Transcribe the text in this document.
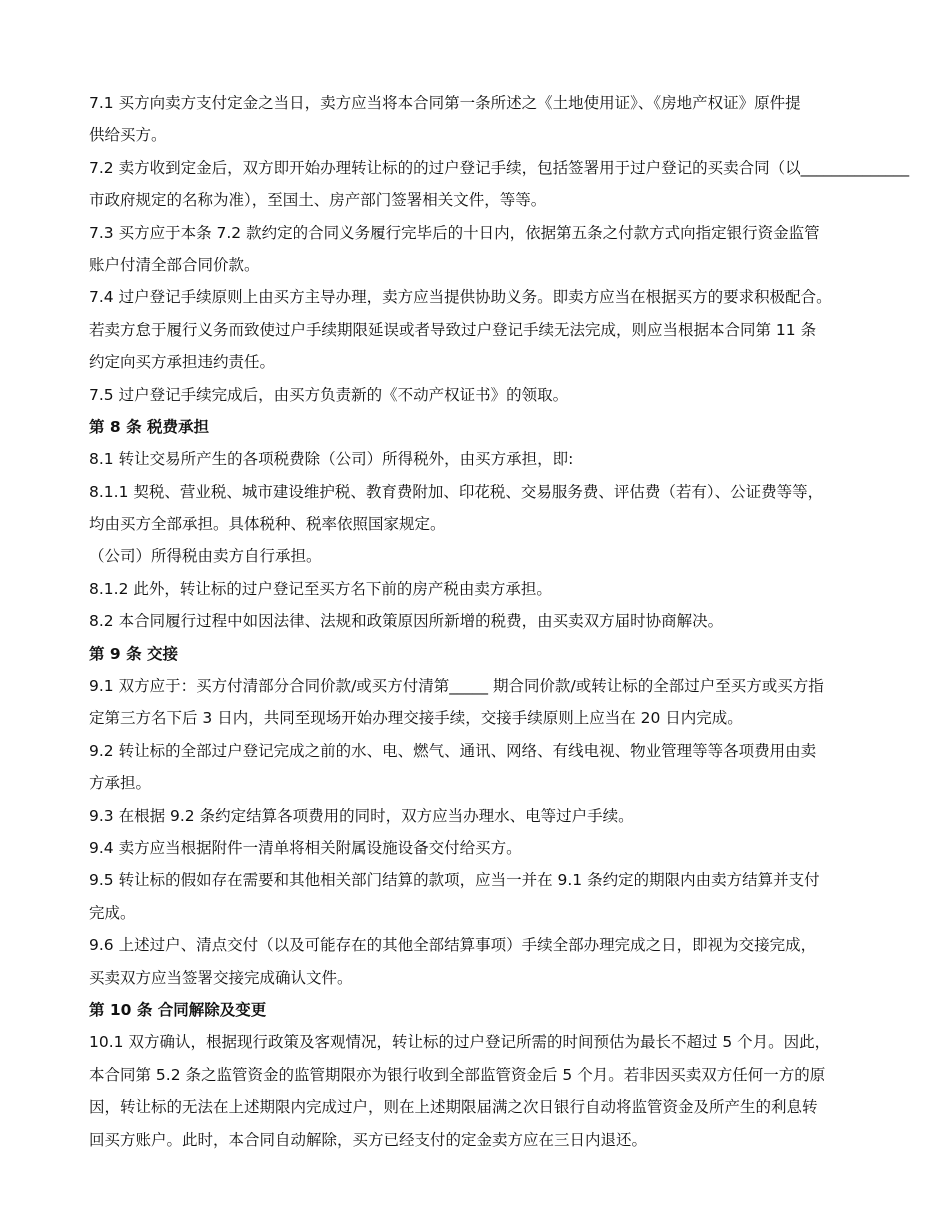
7.1 买方向卖方支付定金之当日，卖方应当将本合同第一条所述之《土地使用证》、《房地产权证》原件提
供给买方。
7.2 卖方收到定金后，双方即开始办理转让标的的过户登记手续，包括签署用于过户登记的买卖合同（以______________
市政府规定的名称为准），至国土、房产部门签署相关文件，等等。
7.3 买方应于本条 7.2 款约定的合同义务履行完毕后的十日内，依据第五条之付款方式向指定银行资金监管
账户付清全部合同价款。
7.4 过户登记手续原则上由买方主导办理，卖方应当提供协助义务。即卖方应当在根据买方的要求积极配合。
若卖方怠于履行义务而致使过户手续期限延误或者导致过户登记手续无法完成，则应当根据本合同第 11 条
约定向买方承担违约责任。
7.5 过户登记手续完成后，由买方负责新的《不动产权证书》的领取。
第 8 条 税费承担
8.1 转让交易所产生的各项税费除（公司）所得税外，由买方承担，即:
8.1.1 契税、营业税、城市建设维护税、教育费附加、印花税、交易服务费、评估费（若有）、公证费等等，
均由买方全部承担。具体税种、税率依照国家规定。
（公司）所得税由卖方自行承担。
8.1.2 此外，转让标的过户登记至买方名下前的房产税由卖方承担。
8.2 本合同履行过程中如因法律、法规和政策原因所新增的税费，由买卖双方届时协商解决。
第 9 条 交接
9.1 双方应于：买方付清部分合同价款/或买方付清第_____ 期合同价款/或转让标的全部过户至买方或买方指
定第三方名下后 3 日内，共同至现场开始办理交接手续，交接手续原则上应当在 20 日内完成。
9.2 转让标的全部过户登记完成之前的水、电、燃气、通讯、网络、有线电视、物业管理等等各项费用由卖
方承担。
9.3 在根据 9.2 条约定结算各项费用的同时，双方应当办理水、电等过户手续。
9.4 卖方应当根据附件一清单将相关附属设施设备交付给买方。
9.5 转让标的假如存在需要和其他相关部门结算的款项，应当一并在 9.1 条约定的期限内由卖方结算并支付
完成。
9.6 上述过户、清点交付（以及可能存在的其他全部结算事项）手续全部办理完成之日，即视为交接完成，
买卖双方应当签署交接完成确认文件。
第 10 条 合同解除及变更
10.1 双方确认，根据现行政策及客观情况，转让标的过户登记所需的时间预估为最长不超过 5 个月。因此，
本合同第 5.2 条之监管资金的监管期限亦为银行收到全部监管资金后 5 个月。若非因买卖双方任何一方的原
因，转让标的无法在上述期限内完成过户，则在上述期限届满之次日银行自动将监管资金及所产生的利息转
回买方账户。此时，本合同自动解除，买方已经支付的定金卖方应在三日内退还。
